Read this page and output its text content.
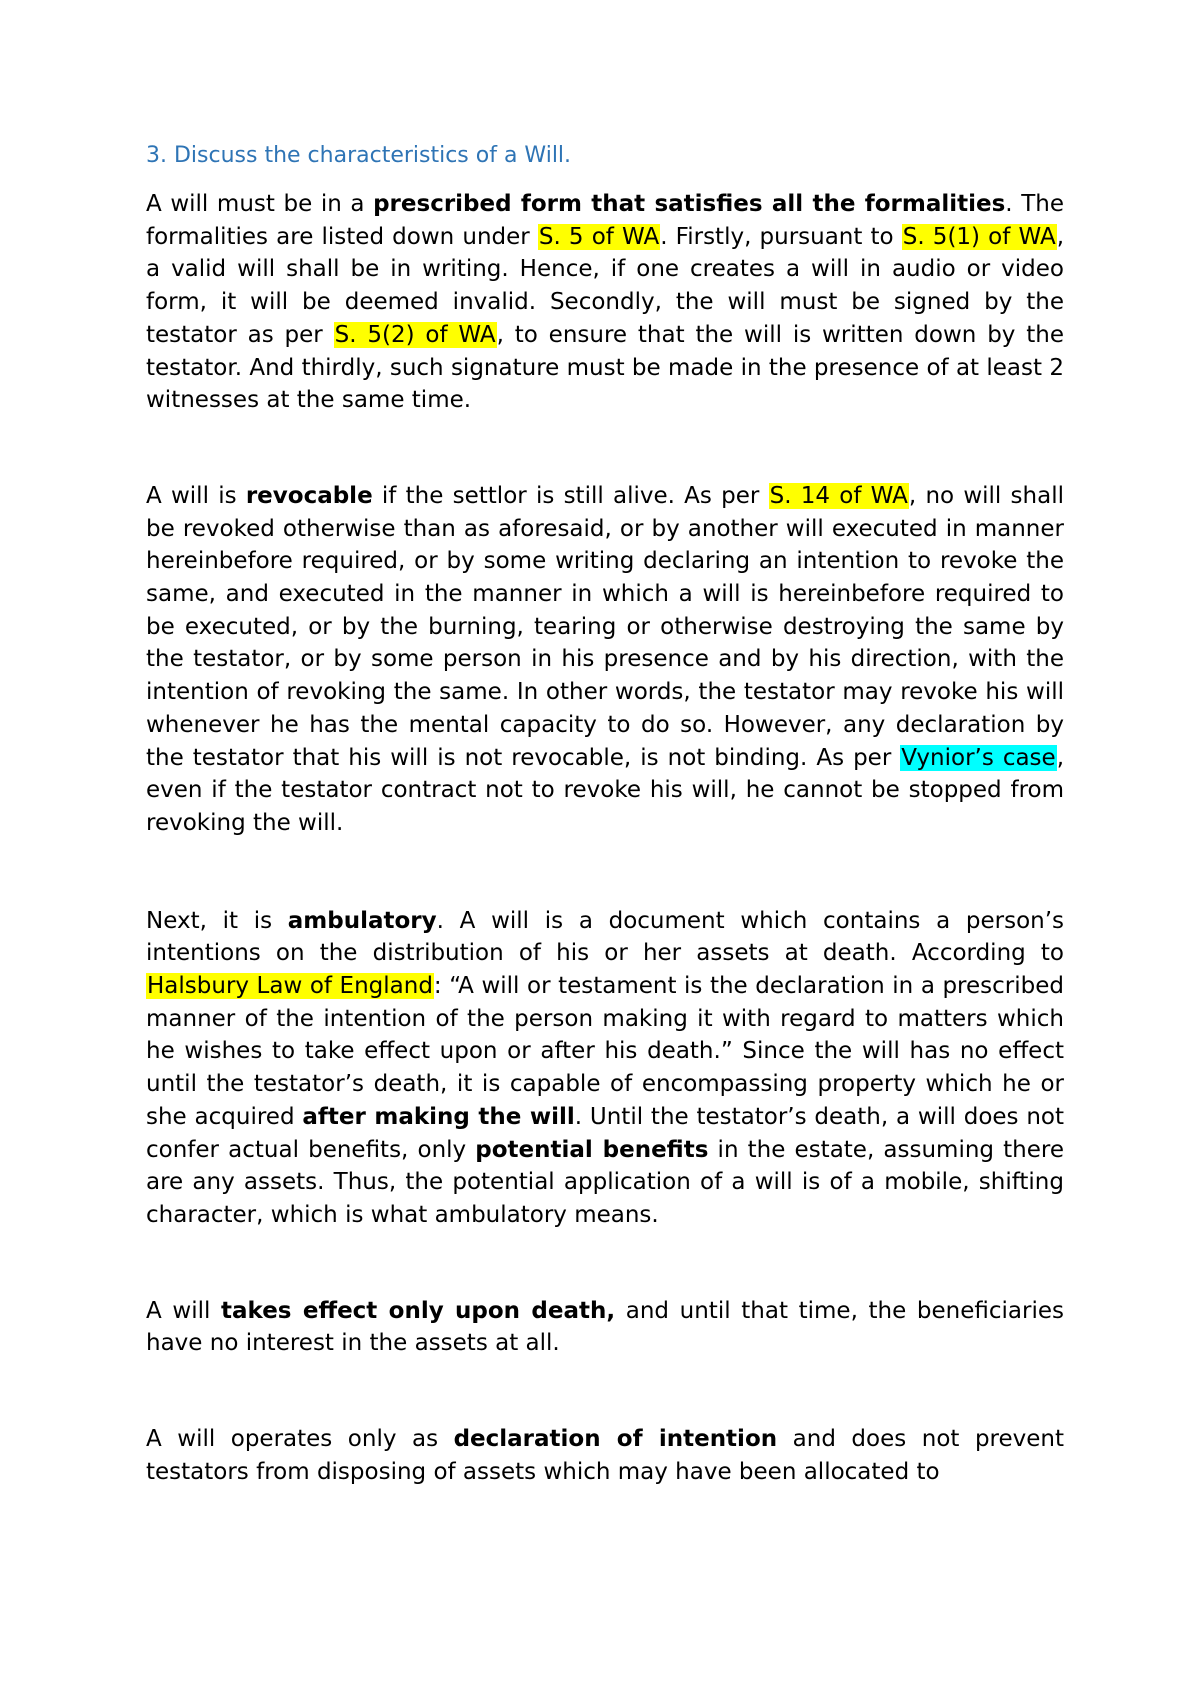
3. Discuss the characteristics of a Will.

A will must be in a prescribed form that satisfies all the formalities. The formalities are listed down under S. 5 of WA. Firstly, pursuant to S. 5(1) of WA, a valid will shall be in writing. Hence, if one creates a will in audio or video form, it will be deemed invalid. Secondly, the will must be signed by the testator as per S. 5(2) of WA, to ensure that the will is written down by the testator. And thirdly, such signature must be made in the presence of at least 2 witnesses at the same time.

A will is revocable if the settlor is still alive. As per S. 14 of WA, no will shall be revoked otherwise than as aforesaid, or by another will executed in manner hereinbefore required, or by some writing declaring an intention to revoke the same, and executed in the manner in which a will is hereinbefore required to be executed, or by the burning, tearing or otherwise destroying the same by the testator, or by some person in his presence and by his direction, with the intention of revoking the same. In other words, the testator may revoke his will whenever he has the mental capacity to do so. However, any declaration by the testator that his will is not revocable, is not binding. As per Vynior’s case, even if the testator contract not to revoke his will, he cannot be stopped from revoking the will.

Next, it is ambulatory. A will is a document which contains a person’s intentions on the distribution of his or her assets at death. According to Halsbury Law of England: “A will or testament is the declaration in a prescribed manner of the intention of the person making it with regard to matters which he wishes to take effect upon or after his death.” Since the will has no effect until the testator’s death, it is capable of encompassing property which he or she acquired after making the will. Until the testator’s death, a will does not confer actual benefits, only potential benefits in the estate, assuming there are any assets. Thus, the potential application of a will is of a mobile, shifting character, which is what ambulatory means.

A will takes effect only upon death, and until that time, the beneficiaries have no interest in the assets at all.

A will operates only as declaration of intention and does not prevent testators from disposing of assets which may have been allocated to
